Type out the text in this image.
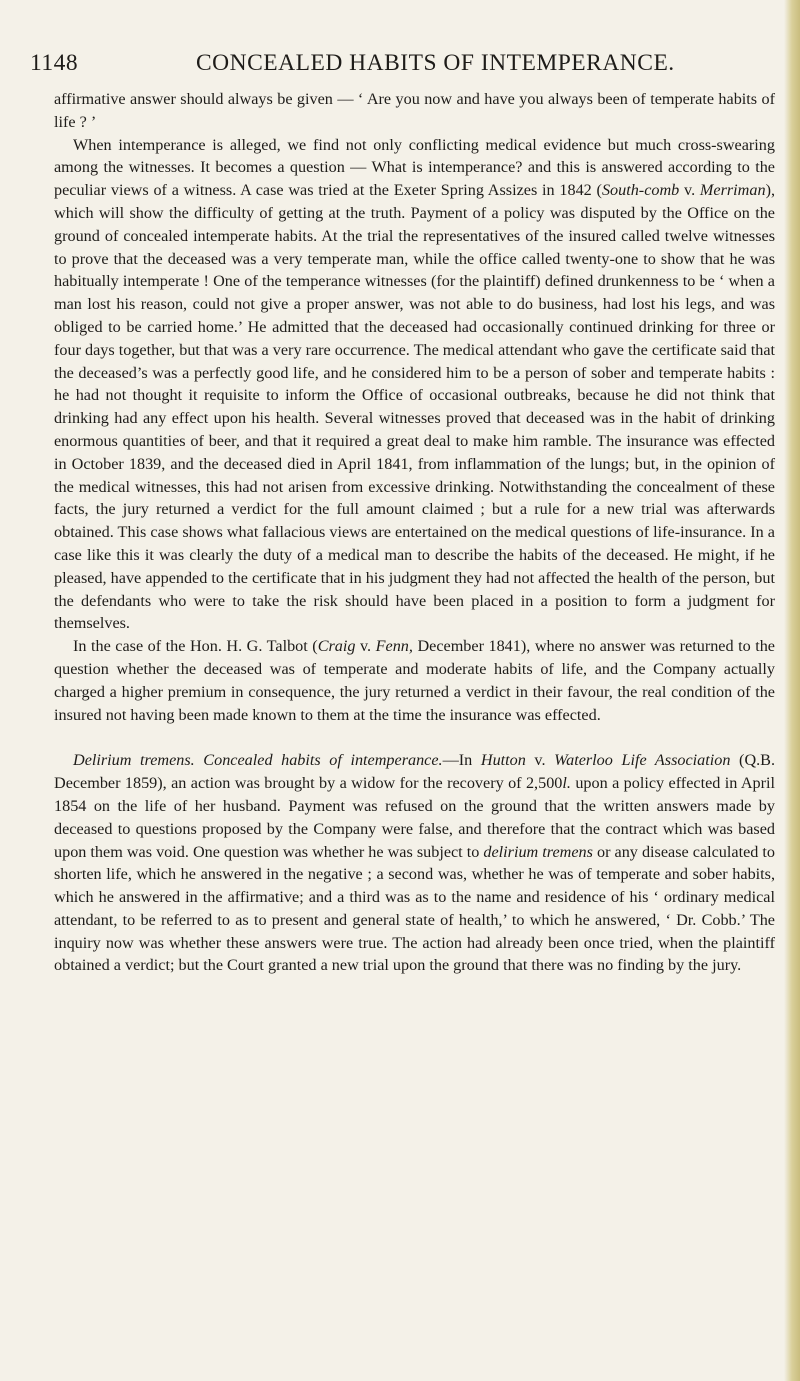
1148	CONCEALED HABITS OF INTEMPERANCE.

affirmative answer should always be given — ‘ Are you now and have you always been of temperate habits of life ? ’

When intemperance is alleged, we find not only conflicting medical evidence but much cross-swearing among the witnesses. It becomes a question — What is intemperance? and this is answered according to the peculiar views of a witness. A case was tried at the Exeter Spring Assizes in 1842 (South-comb v. Merriman), which will show the difficulty of getting at the truth. Payment of a policy was disputed by the Office on the ground of concealed intemperate habits. At the trial the representatives of the insured called twelve witnesses to prove that the deceased was a very temperate man, while the office called twenty-one to show that he was habitually intemperate ! One of the temperance witnesses (for the plaintiff) defined drunkenness to be ‘ when a man lost his reason, could not give a proper answer, was not able to do business, had lost his legs, and was obliged to be carried home.’ He admitted that the deceased had occasionally continued drinking for three or four days together, but that was a very rare occurrence. The medical attendant who gave the certificate said that the deceased’s was a perfectly good life, and he considered him to be a person of sober and temperate habits : he had not thought it requisite to inform the Office of occasional outbreaks, because he did not think that drinking had any effect upon his health. Several witnesses proved that deceased was in the habit of drinking enormous quantities of beer, and that it required a great deal to make him ramble. The insurance was effected in October 1839, and the deceased died in April 1841, from inflammation of the lungs; but, in the opinion of the medical witnesses, this had not arisen from excessive drinking. Notwithstanding the concealment of these facts, the jury returned a verdict for the full amount claimed ; but a rule for a new trial was afterwards obtained. This case shows what fallacious views are entertained on the medical questions of life-insurance. In a case like this it was clearly the duty of a medical man to describe the habits of the deceased. He might, if he pleased, have appended to the certificate that in his judgment they had not affected the health of the person, but the defendants who were to take the risk should have been placed in a position to form a judgment for themselves.

In the case of the Hon. H. G. Talbot (Craig v. Fenn, December 1841), where no answer was returned to the question whether the deceased was of temperate and moderate habits of life, and the Company actually charged a higher premium in consequence, the jury returned a verdict in their favour, the real condition of the insured not having been made known to them at the time the insurance was effected.

Delirium tremens. Concealed habits of intemperance.—In Hutton v. Waterloo Life Association (Q.B. December 1859), an action was brought by a widow for the recovery of 2,500l. upon a policy effected in April 1854 on the life of her husband. Payment was refused on the ground that the written answers made by deceased to questions proposed by the Company were false, and therefore that the contract which was based upon them was void. One question was whether he was subject to delirium tremens or any disease calculated to shorten life, which he answered in the negative ; a second was, whether he was of temperate and sober habits, which he answered in the affirmative; and a third was as to the name and residence of his ‘ ordinary medical attendant, to be referred to as to present and general state of health,’ to which he answered, ‘ Dr. Cobb.’ The inquiry now was whether these answers were true. The action had already been once tried, when the plaintiff obtained a verdict; but the Court granted a new trial upon the ground that there was no finding by the jury.
